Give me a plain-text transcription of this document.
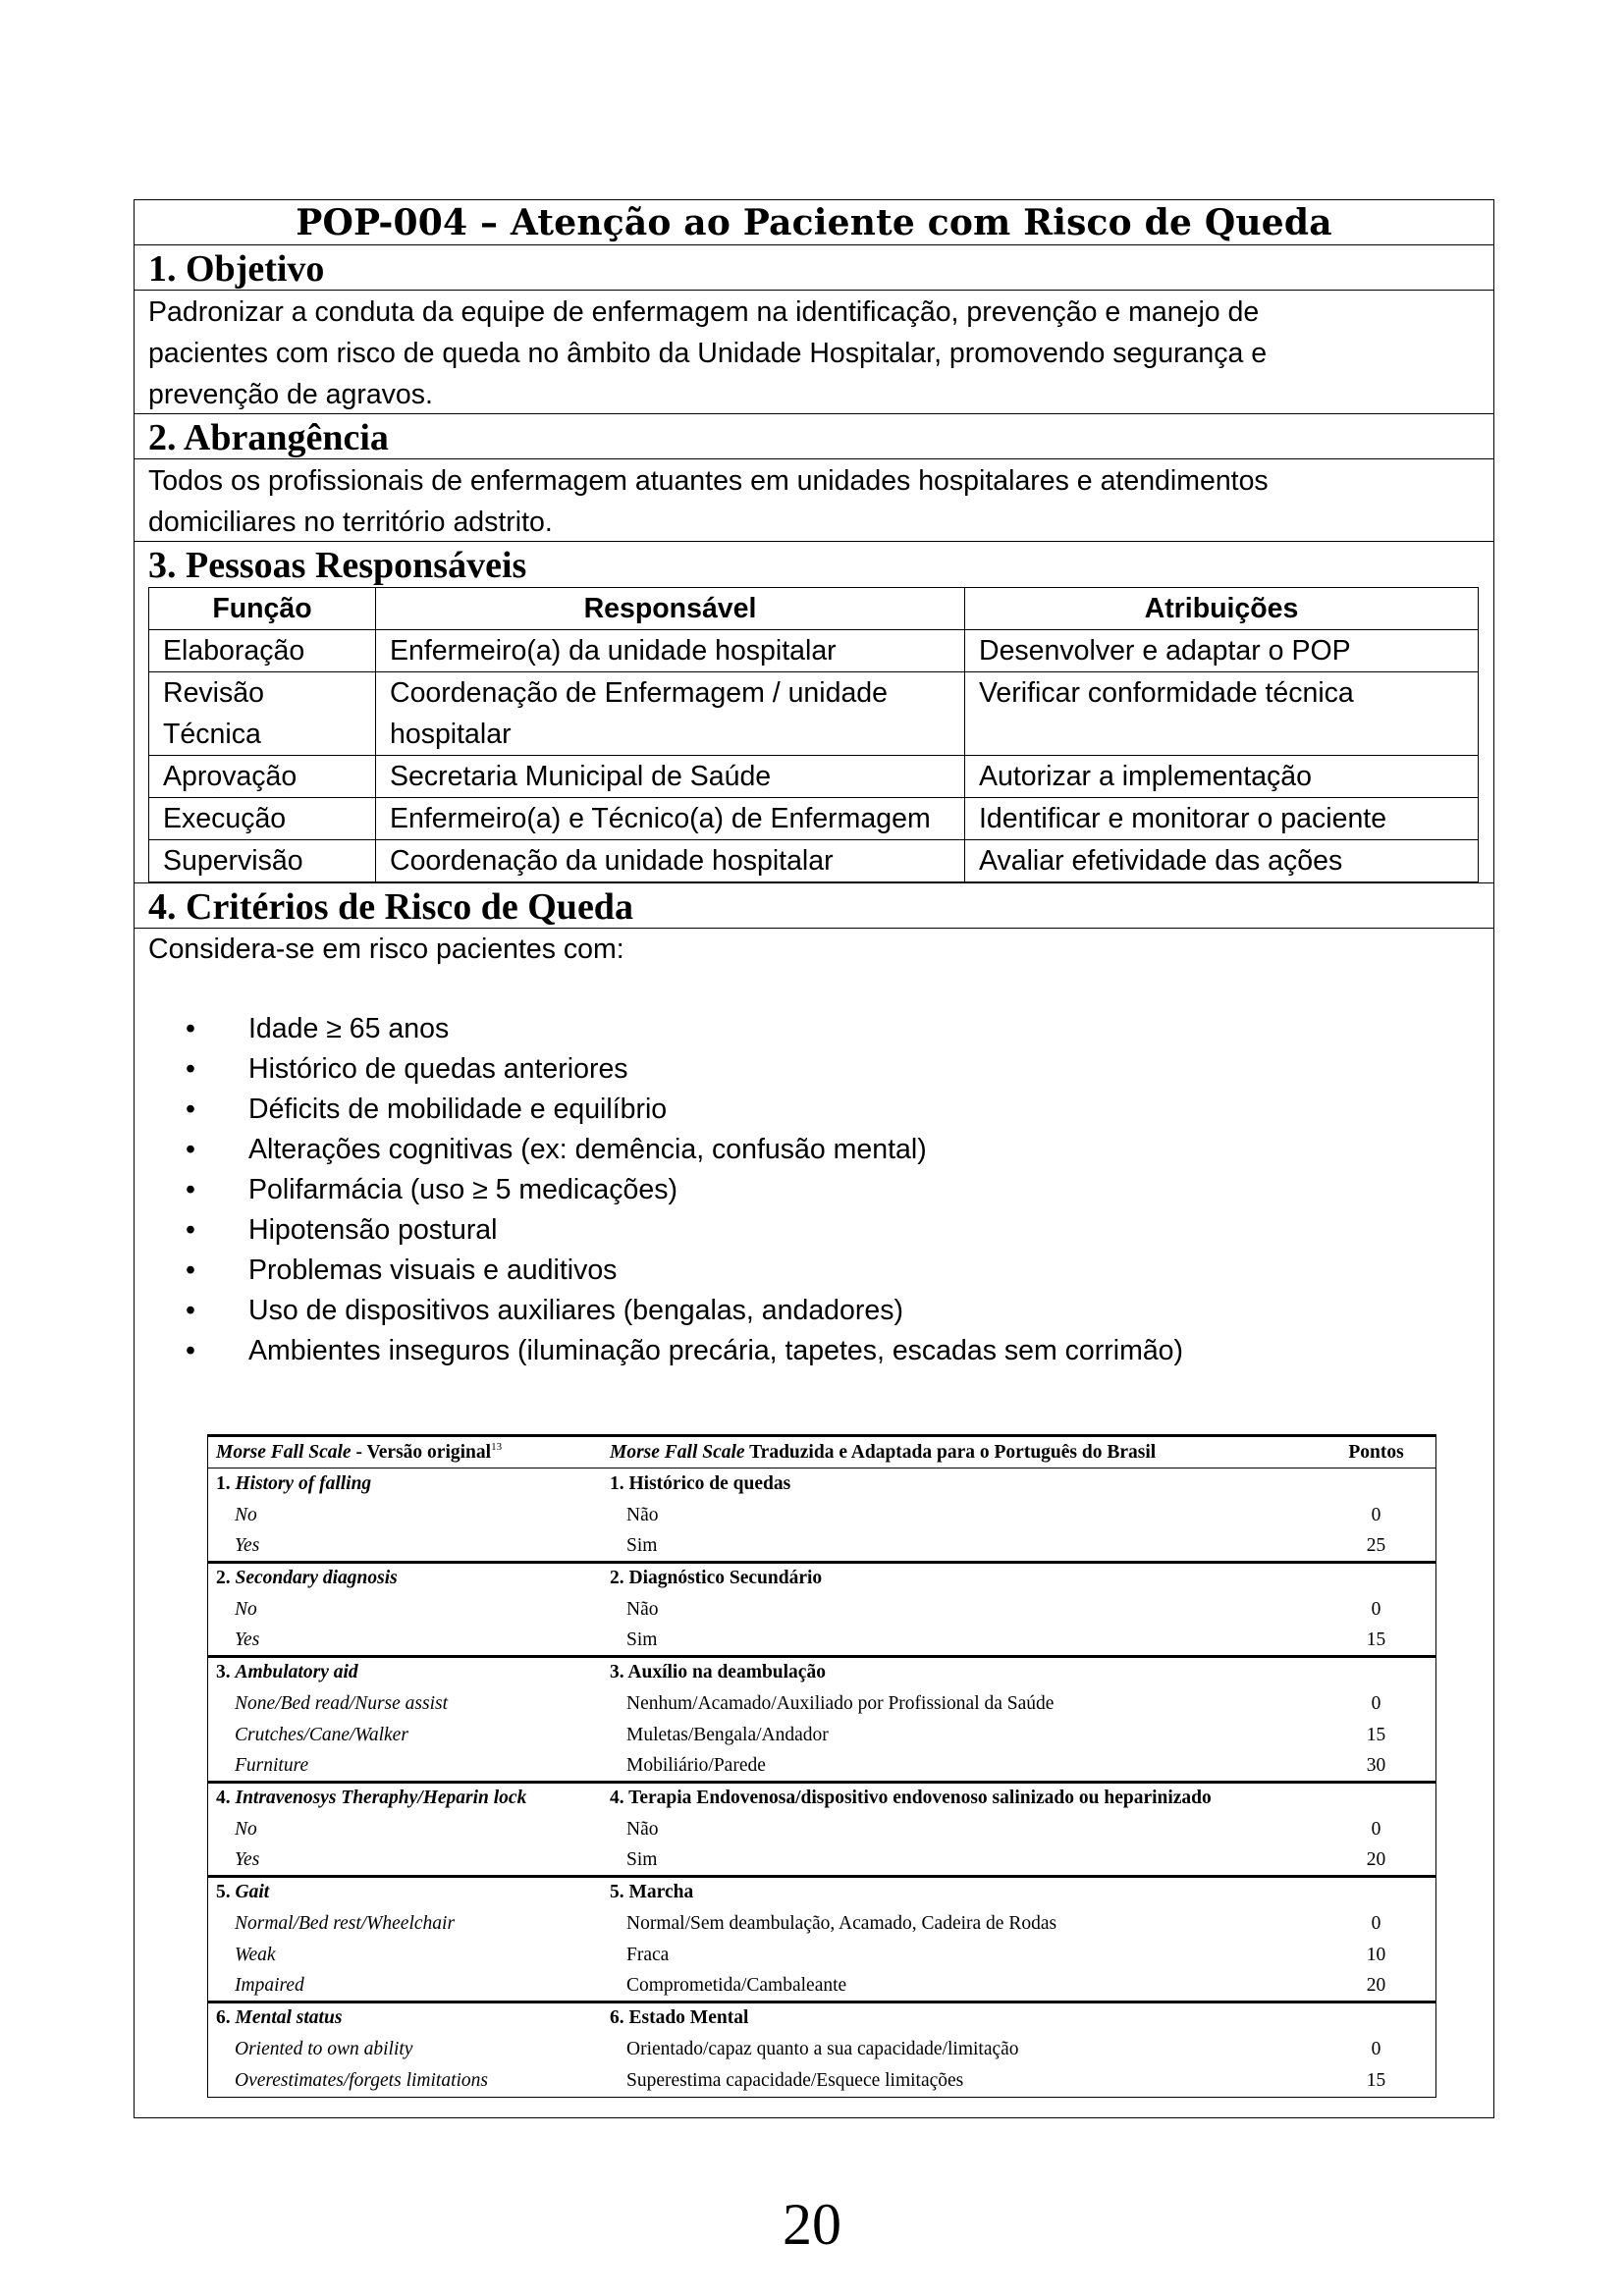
POP-004 – Atenção ao Paciente com Risco de Queda
1. Objetivo
Padronizar a conduta da equipe de enfermagem na identificação, prevenção e manejo de
pacientes com risco de queda no âmbito da Unidade Hospitalar, promovendo segurança e
prevenção de agravos.
2. Abrangência
Todos os profissionais de enfermagem atuantes em unidades hospitalares e atendimentos
domiciliares no território adstrito.
3. Pessoas Responsáveis
Função	Responsável	Atribuições
Elaboração	Enfermeiro(a) da unidade hospitalar	Desenvolver e adaptar o POP
Revisão Técnica	Coordenação de Enfermagem / unidade hospitalar	Verificar conformidade técnica
Aprovação	Secretaria Municipal de Saúde	Autorizar a implementação
Execução	Enfermeiro(a) e Técnico(a) de Enfermagem	Identificar e monitorar o paciente
Supervisão	Coordenação da unidade hospitalar	Avaliar efetividade das ações
4. Critérios de Risco de Queda
Considera-se em risco pacientes com:
• Idade ≥ 65 anos
• Histórico de quedas anteriores
• Déficits de mobilidade e equilíbrio
• Alterações cognitivas (ex: demência, confusão mental)
• Polifarmácia (uso ≥ 5 medicações)
• Hipotensão postural
• Problemas visuais e auditivos
• Uso de dispositivos auxiliares (bengalas, andadores)
• Ambientes inseguros (iluminação precária, tapetes, escadas sem corrimão)
Morse Fall Scale - Versão original$^{13}$	Morse Fall Scale Traduzida e Adaptada para o Português do Brasil	Pontos
1. History of falling	1. Histórico de quedas	
No	Não	0
Yes	Sim	25
2. Secondary diagnosis	2. Diagnóstico Secundário	
No	Não	0
Yes	Sim	15
3. Ambulatory aid	3. Auxílio na deambulação	
None/Bed read/Nurse assist	Nenhum/Acamado/Auxiliado por Profissional da Saúde	0
Crutches/Cane/Walker	Muletas/Bengala/Andador	15
Furniture	Mobiliário/Parede	30
4. Intravenosys Theraphy/Heparin lock	4. Terapia Endovenosa/dispositivo endovenoso salinizado ou heparinizado	
No	Não	0
Yes	Sim	20
5. Gait	5. Marcha	
Normal/Bed rest/Wheelchair	Normal/Sem deambulação, Acamado, Cadeira de Rodas	0
Weak	Fraca	10
Impaired	Comprometida/Cambaleante	20
6. Mental status	6. Estado Mental	
Oriented to own ability	Orientado/capaz quanto a sua capacidade/limitação	0
Overestimates/forgets limitations	Superestima capacidade/Esquece limitações	15
20
